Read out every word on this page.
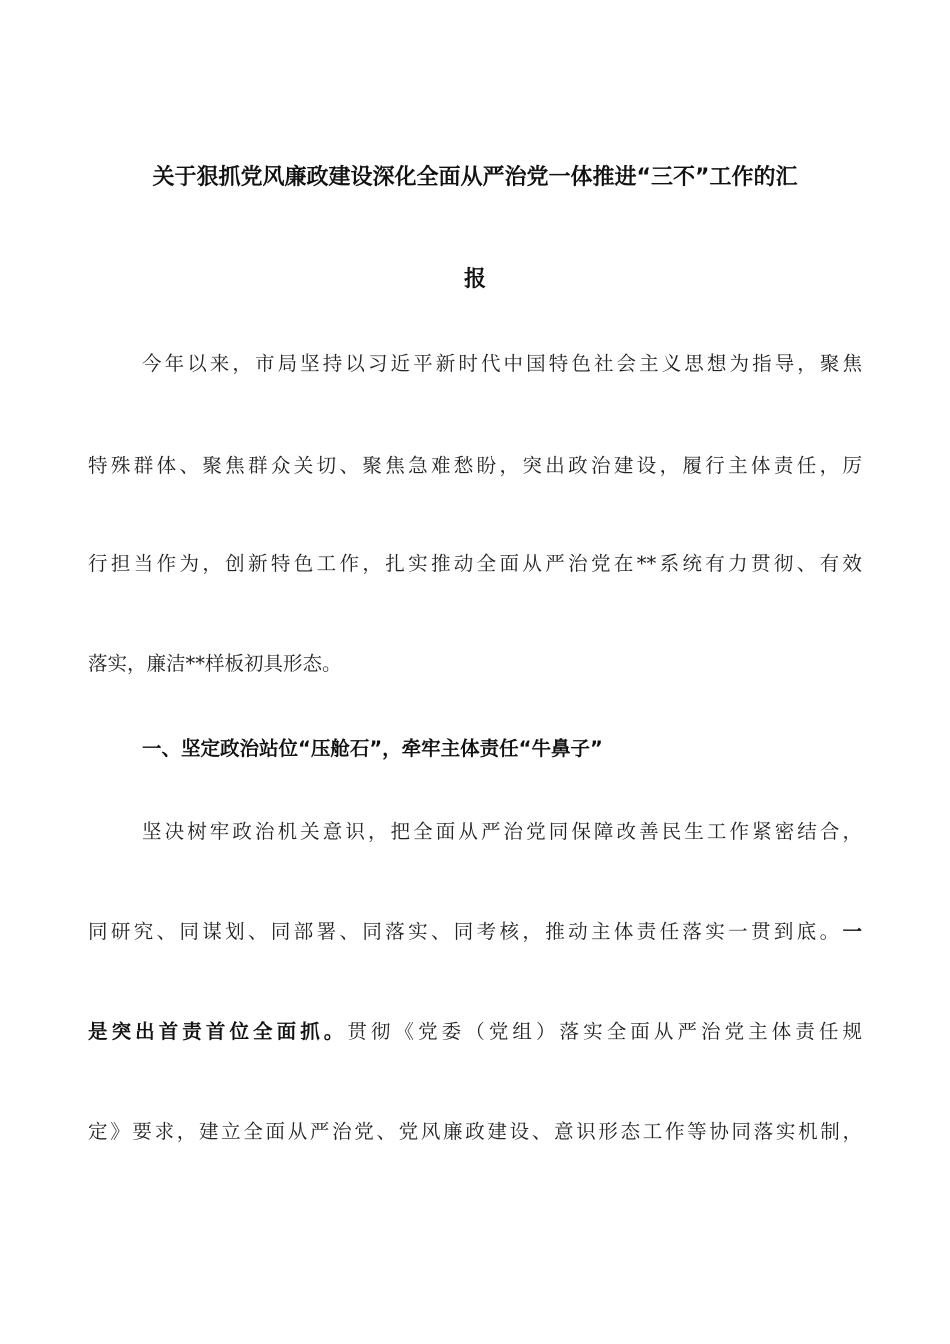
关于狠抓党风廉政建设深化全面从严治党一体推进“三不”工作的汇
报
今年以来，市局坚持以习近平新时代中国特色社会主义思想为指导，聚焦
特殊群体、聚焦群众关切、聚焦急难愁盼，突出政治建设，履行主体责任，厉
行担当作为，创新特色工作，扎实推动全面从严治党在**系统有力贯彻、有效
落实，廉洁**样板初具形态。
一、坚定政治站位“压舱石”，牵牢主体责任“牛鼻子”
坚决树牢政治机关意识，把全面从严治党同保障改善民生工作紧密结合，
同研究、同谋划、同部署、同落实、同考核，推动主体责任落实一贯到底。一
是突出首责首位全面抓。贯彻《党委（党组）落实全面从严治党主体责任规
定》要求，建立全面从严治党、党风廉政建设、意识形态工作等协同落实机制，
